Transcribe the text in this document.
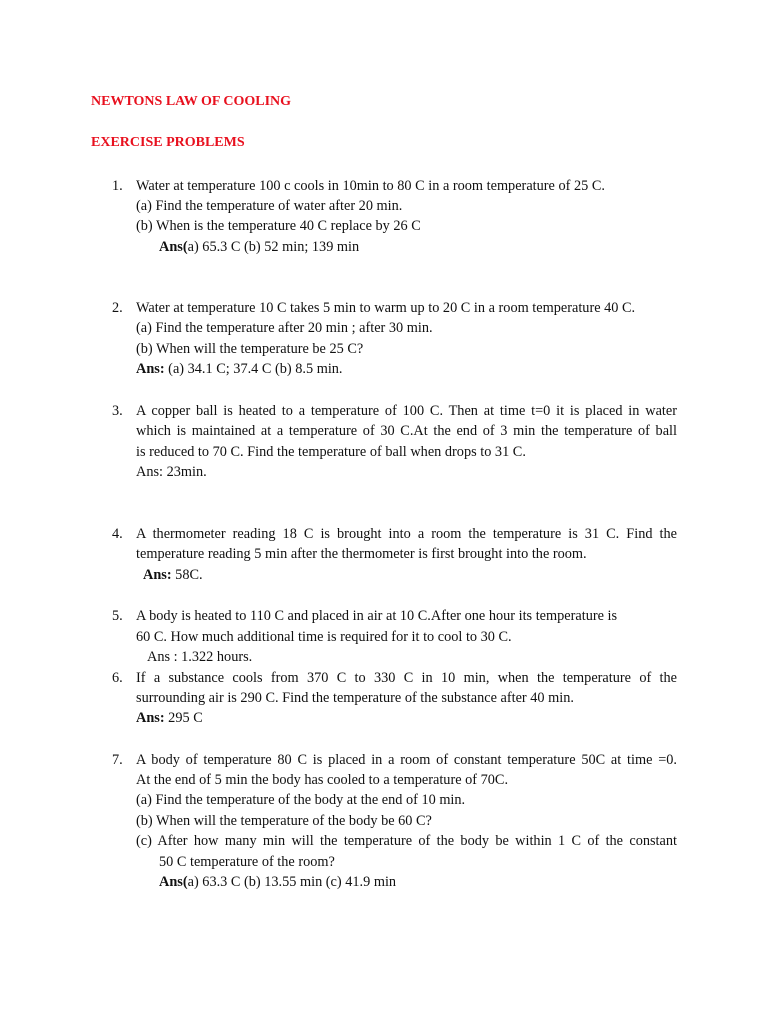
NEWTONS LAW OF COOLING
EXERCISE PROBLEMS
1. Water at temperature 100 c cools in 10min to 80 C in a room temperature of 25 C.
(a) Find the temperature of water after 20 min.
(b) When is the temperature 40 C replace by 26 C
Ans(a) 65.3 C (b) 52 min; 139 min
2. Water at temperature 10 C takes 5 min to warm up to 20 C in a room temperature 40 C.
(a) Find the temperature after 20 min ; after 30 min.
(b) When will the temperature be 25 C?
Ans: (a) 34.1 C; 37.4 C (b) 8.5 min.
3. A copper ball is heated to a temperature of 100 C. Then at time t=0 it is placed in water
which is maintained at a temperature of 30 C.At the end of 3 min the temperature of ball
is reduced to 70 C. Find the temperature of ball when drops to 31 C.
Ans: 23min.
4. A thermometer reading 18 C is brought into a room the temperature is 31 C. Find the
temperature reading 5 min after the thermometer is first brought into the room.
Ans: 58C.
5. A body is heated to 110 C and placed in air at 10 C.After one hour its temperature is
60 C. How much additional time is required for it to cool to 30 C.
Ans : 1.322 hours.
6. If a substance cools from 370 C to 330 C in 10 min, when the temperature of the
surrounding air is 290 C. Find the temperature of the substance after 40 min.
Ans: 295 C
7. A body of temperature 80 C is placed in a room of constant temperature 50C at time =0.
At the end of 5 min the body has cooled to a temperature of 70C.
(a) Find the temperature of the body at the end of 10 min.
(b) When will the temperature of the body be 60 C?
(c) After how many min will the temperature of the body be within 1 C of the constant
50 C temperature of the room?
Ans(a) 63.3 C (b) 13.55 min (c) 41.9 min
